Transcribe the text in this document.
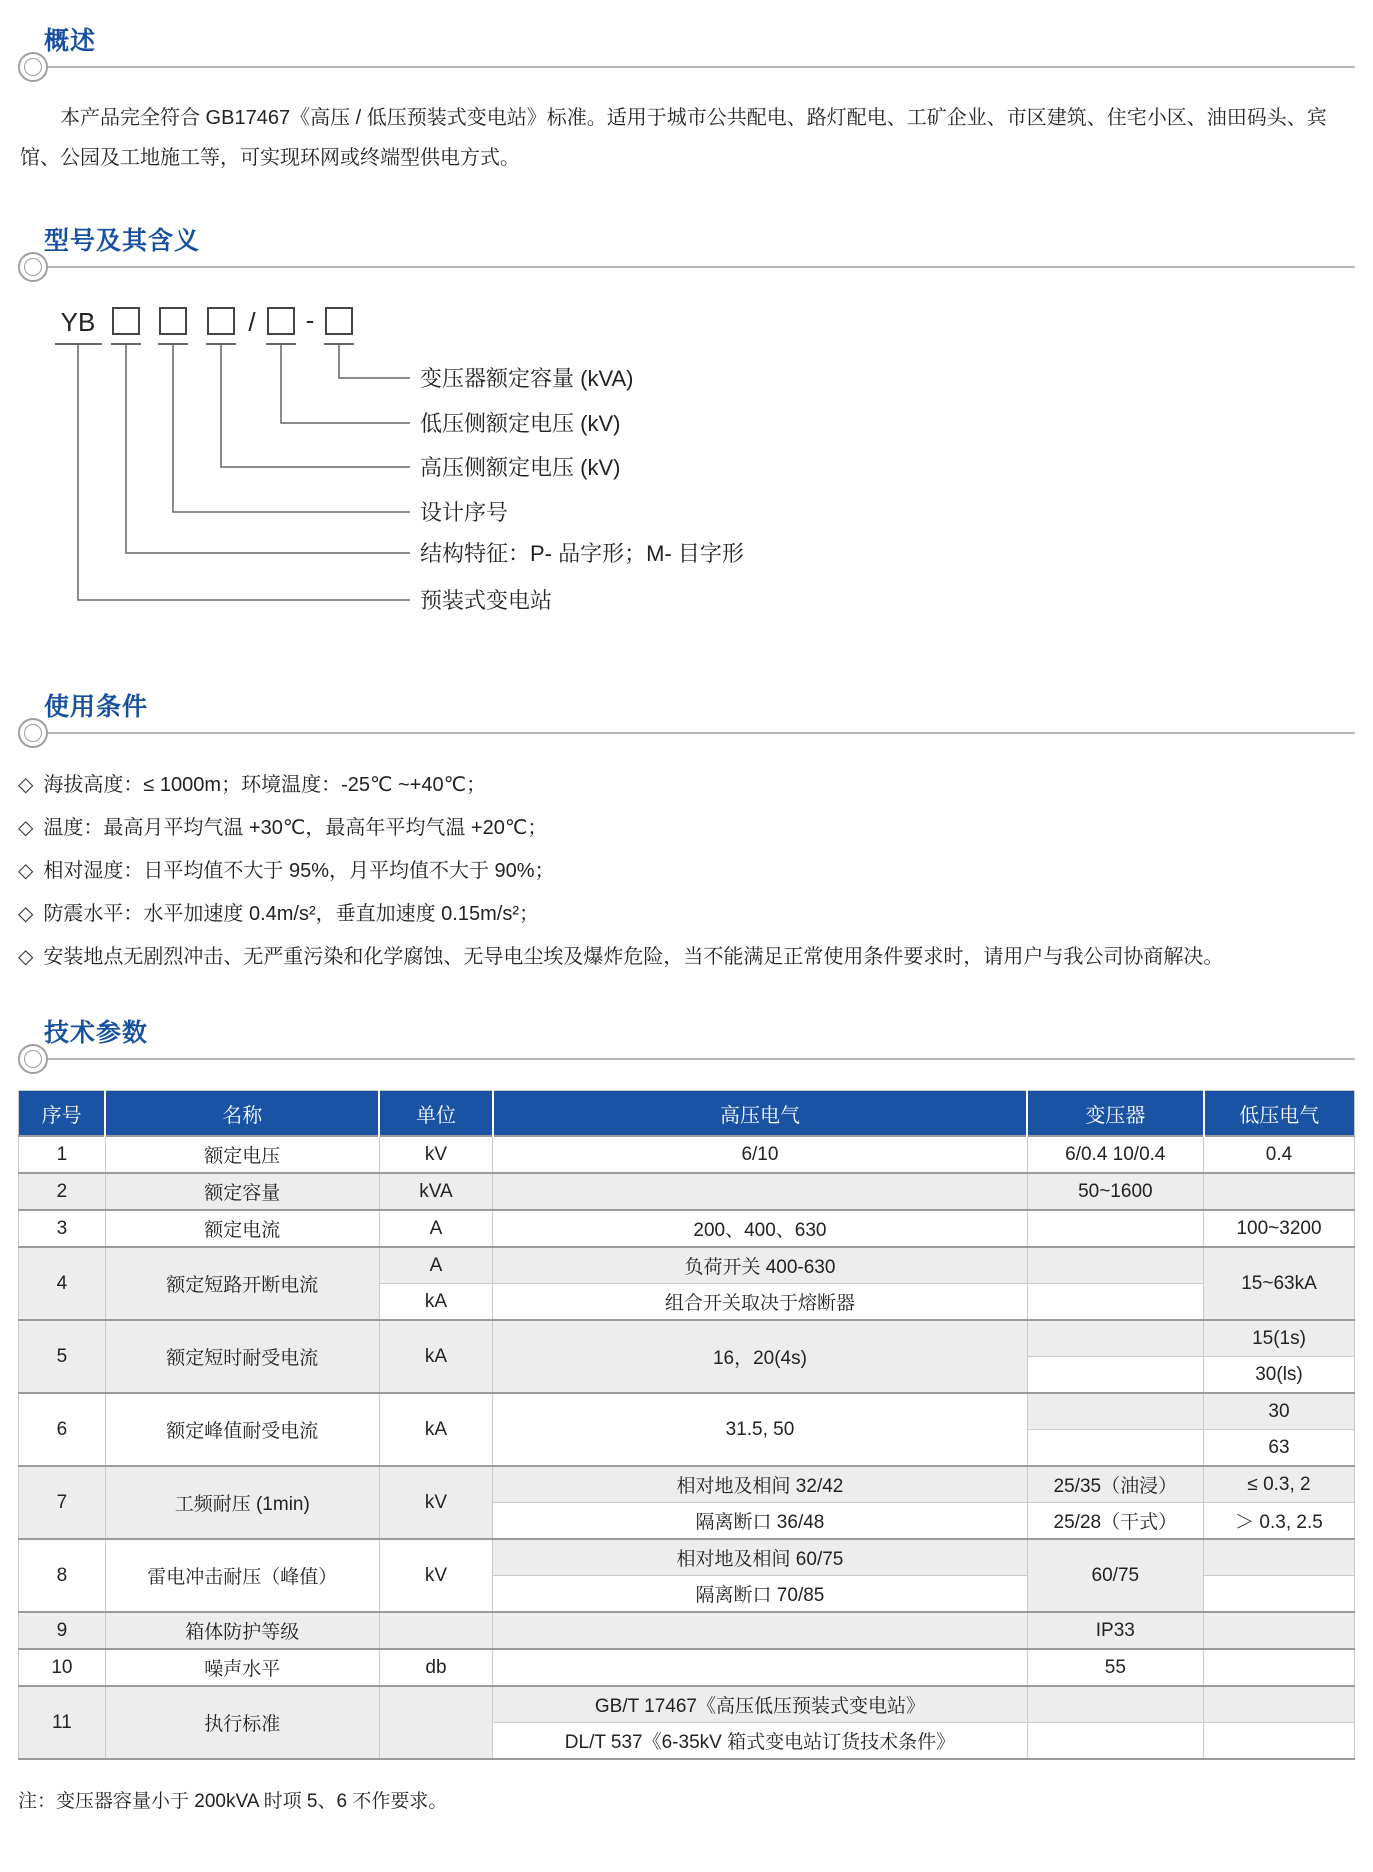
概述

本产品完全符合 GB17467《高压 / 低压预装式变电站》标准。适用于城市公共配电、路灯配电、工矿企业、市区建筑、住宅小区、油田码头、宾馆、公园及工地施工等，可实现环网或终端型供电方式。

型号及其含义
YB	/ -
变压器额定容量 (kVA)
低压侧额定电压 (kV)
高压侧额定电压 (kV)
设计序号
结构特征：P- 品字形；M- 目字形
预装式变电站
使用条件
◇ 海拔高度：≤ 1000m；环境温度：-25℃ ~+40℃；
◇ 温度：最高月平均气温 +30℃，最高年平均气温 +20℃；
◇ 相对湿度：日平均值不大于 95%，月平均值不大于 90%；
◇ 防震水平：水平加速度 0.4m/s²，垂直加速度 0.15m/s²；
◇ 安装地点无剧烈冲击、无严重污染和化学腐蚀、无导电尘埃及爆炸危险，当不能满足正常使用条件要求时，请用户与我公司协商解决。
技术参数
序号	名称	单位	高压电气	变压器	低压电气
1	额定电压	kV	6/10	6/0.4 10/0.4	0.4
2	额定容量	kVA		50~1600	
3	额定电流	A	200、400、630		100~3200
4	额定短路开断电流	A	负荷开关 400-630		15~63kA
		kA	组合开关取决于熔断器		
5	额定短时耐受电流	kA	16，20(4s)		15(1s)
					30(ls)
6	额定峰值耐受电流	kA	31.5, 50		30
					63
7	工频耐压 (1min)	kV	相对地及相间 32/42	25/35（油浸）	≤ 0.3, 2
			隔离断口 36/48	25/28（干式）	＞ 0.3, 2.5
8	雷电冲击耐压（峰值）	kV	相对地及相间 60/75	60/75	
			隔离断口 70/85		
9	箱体防护等级			IP33	
10	噪声水平	db		55	
11	执行标准		GB/T 17467《高压低压预装式变电站》		
			DL/T 537《6-35kV 箱式变电站订货技术条件》		

注：变压器容量小于 200kVA 时项 5、6 不作要求。
